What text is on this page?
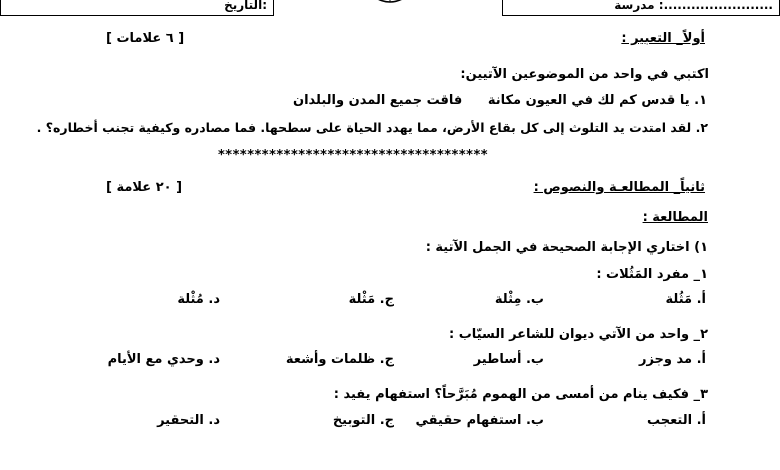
التاريخ:	مدرسة :........................
أولاً_ التعبير :
[ ٦ علامات ]
اكتبي في واحد من الموضوعين الآتيين:
١. يا قدس كم لك في العيون مكانة
فاقت جميع المدن والبلدان
٢. لقد امتدت يد التلوث إلى كل بقاع الأرض، مما يهدد الحياة على سطحها. فما مصادره وكيفية تجنب أخطاره؟ .
*************************************
ثانياً_ المطالعـة والنصوص :
[ ٢٠ علامة ]
المطالعة :
١) اختاري الإجابة الصحيحة في الجمل الآتية :
١_ مفرد المَثُلات :
أ. مَثُلة
ب. مِثْلة
ج. مَثْلة
د. مُثْلة
٢_ واحد من الآتي ديوان للشاعر السيّاب :
أ. مد وجزر
ب. أساطير
ج. ظلمات وأشعة
د. وحدي مع الأيام
٣_ فكيف ينام من أمسى من الهموم مُبَرَّحاً؟ استفهام يفيد :
أ. التعجب
ب. استفهام حقيقي
ج. التوبيخ
د. التحقير
